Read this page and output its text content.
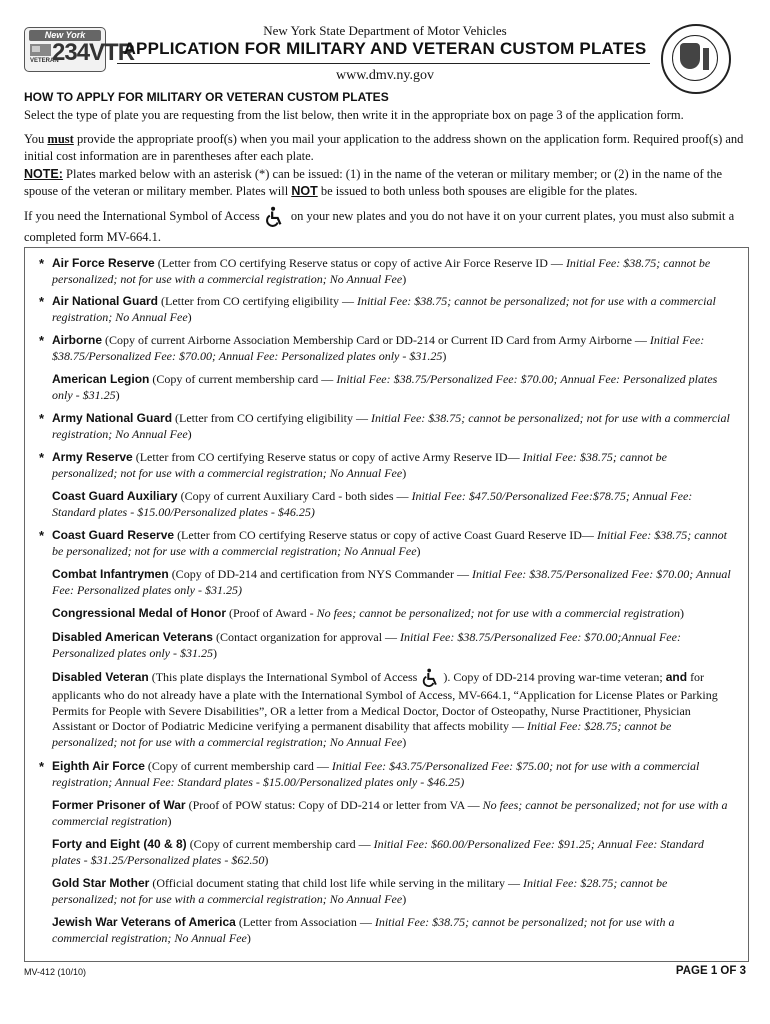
New York
VETERAN
234VTR
New York State Department of Motor Vehicles
APPLICATION FOR MILITARY AND VETERAN CUSTOM PLATES
www.dmv.ny.gov
HOW TO APPLY FOR MILITARY OR VETERAN CUSTOM PLATES
Select the type of plate you are requesting from the list below, then write it in the appropriate box on page 3 of the application form.
You must provide the appropriate proof(s) when you mail your application to the address shown on the application form. Required proof(s) and initial cost information are in parentheses after each plate.
NOTE: Plates marked below with an asterisk (*) can be issued: (1) in the name of the veteran or military member; or (2) in the name of the spouse of the veteran or military member. Plates will NOT be issued to both unless both spouses are eligible for the plates.
If you need the International Symbol of Access on your new plates and you do not have it on your current plates, you must also submit a completed form MV-664.1.
* Air Force Reserve (Letter from CO certifying Reserve status or copy of active Air Force Reserve ID — Initial Fee: $38.75; cannot be personalized; not for use with a commercial registration; No Annual Fee)
* Air National Guard (Letter from CO certifying eligibility — Initial Fee: $38.75; cannot be personalized; not for use with a commercial registration; No Annual Fee)
* Airborne (Copy of current Airborne Association Membership Card or DD-214 or Current ID Card from Army Airborne — Initial Fee: $38.75/Personalized Fee: $70.00; Annual Fee: Personalized plates only - $31.25)
American Legion (Copy of current membership card — Initial Fee: $38.75/Personalized Fee: $70.00; Annual Fee: Personalized plates only - $31.25)
* Army National Guard (Letter from CO certifying eligibility — Initial Fee: $38.75; cannot be personalized; not for use with a commercial registration; No Annual Fee)
* Army Reserve (Letter from CO certifying Reserve status or copy of active Army Reserve ID— Initial Fee: $38.75; cannot be personalized; not for use with a commercial registration; No Annual Fee)
Coast Guard Auxiliary (Copy of current Auxiliary Card - both sides — Initial Fee: $47.50/Personalized Fee:$78.75; Annual Fee: Standard plates - $15.00/Personalized plates - $46.25)
* Coast Guard Reserve (Letter from CO certifying Reserve status or copy of active Coast Guard Reserve ID— Initial Fee: $38.75; cannot be personalized; not for use with a commercial registration; No Annual Fee)
Combat Infantrymen (Copy of DD-214 and certification from NYS Commander — Initial Fee: $38.75/Personalized Fee: $70.00; Annual Fee: Personalized plates only - $31.25)
Congressional Medal of Honor (Proof of Award - No fees; cannot be personalized; not for use with a commercial registration)
Disabled American Veterans (Contact organization for approval — Initial Fee: $38.75/Personalized Fee: $70.00;Annual Fee: Personalized plates only - $31.25)
Disabled Veteran (This plate displays the International Symbol of Access ). Copy of DD-214 proving war-time veteran; and for applicants who do not already have a plate with the International Symbol of Access, MV-664.1, “Application for License Plates or Parking Permits for People with Severe Disabilities”, OR a letter from a Medical Doctor, Doctor of Osteopathy, Nurse Practitioner, Physician Assistant or Doctor of Podiatric Medicine verifying a permanent disability that affects mobility — Initial Fee: $28.75; cannot be personalized; not for use with a commercial registration; No Annual Fee)
* Eighth Air Force (Copy of current membership card — Initial Fee: $43.75/Personalized Fee: $75.00; not for use with a commercial registration; Annual Fee: Standard plates - $15.00/Personalized plates only - $46.25)
Former Prisoner of War (Proof of POW status: Copy of DD-214 or letter from VA — No fees; cannot be personalized; not for use with a commercial registration)
Forty and Eight (40 & 8) (Copy of current membership card — Initial Fee: $60.00/Personalized Fee: $91.25; Annual Fee: Standard plates - $31.25/Personalized plates - $62.50)
Gold Star Mother (Official document stating that child lost life while serving in the military — Initial Fee: $28.75; cannot be personalized; not for use with a commercial registration; No Annual Fee)
Jewish War Veterans of America (Letter from Association — Initial Fee: $38.75; cannot be personalized; not for use with a commercial registration; No Annual Fee)
MV-412 (10/10)	PAGE 1 OF 3
